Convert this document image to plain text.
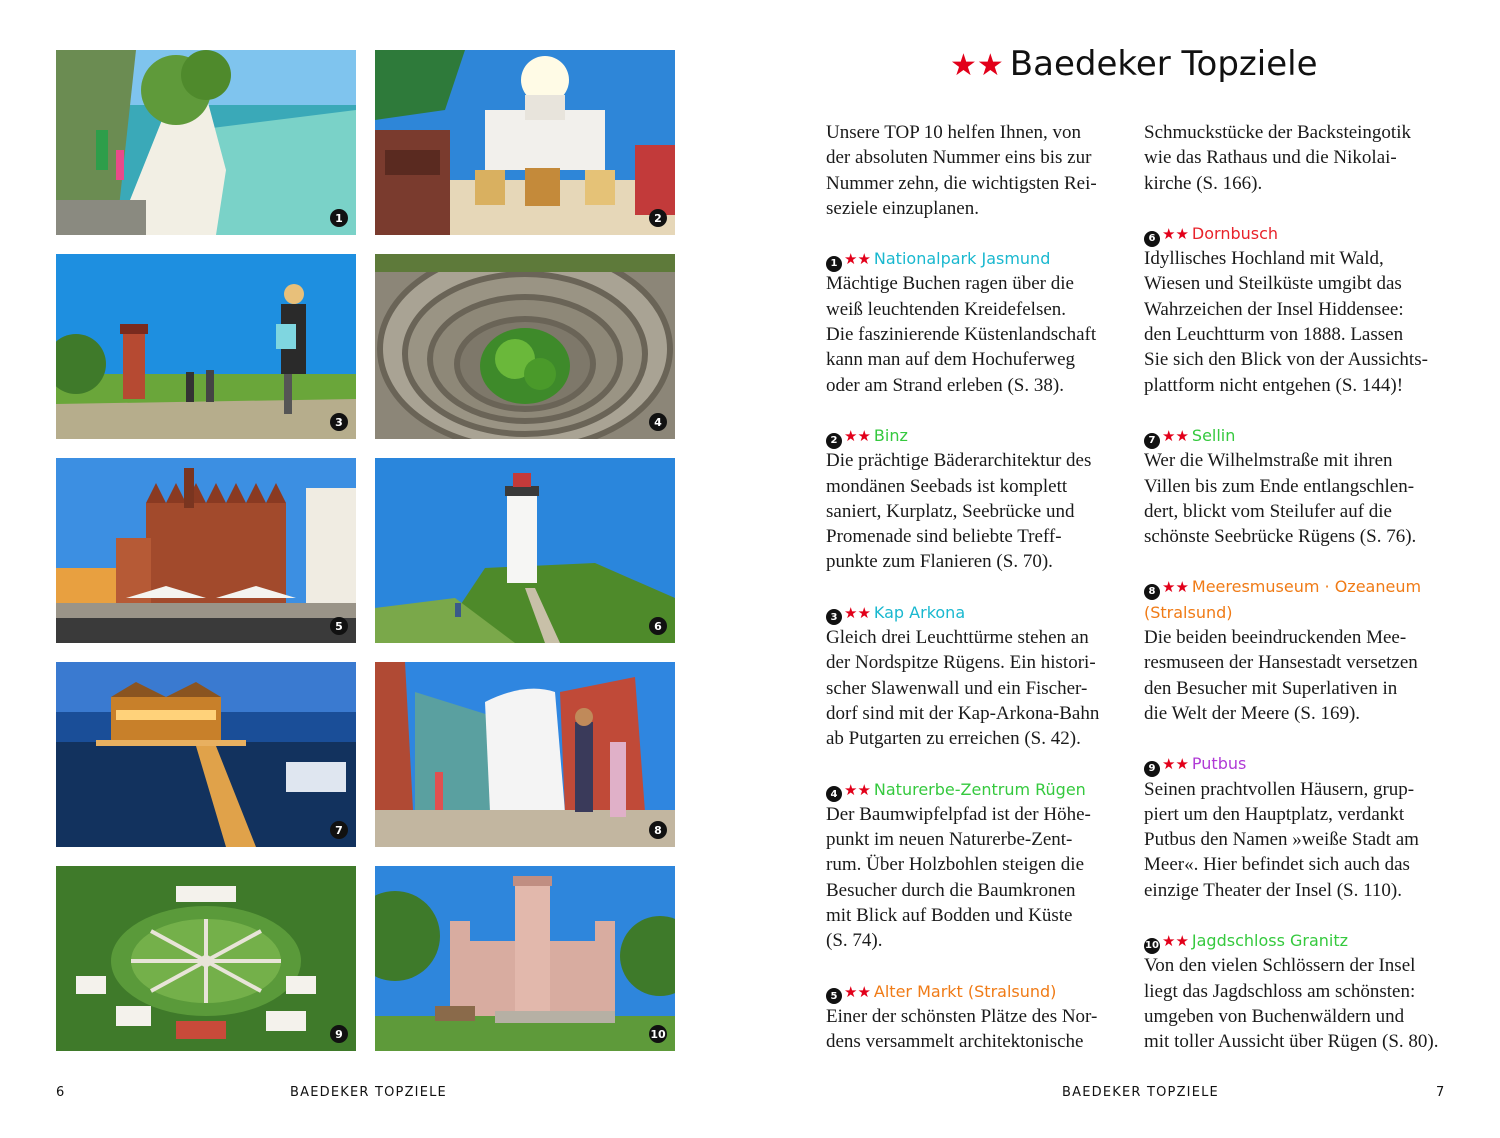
1	2
3	4
5	6
7	8
9	10
★★ Baedeker Topziele

Unsere TOP 10 helfen Ihnen, von

der absoluten Nummer eins bis zur

Nummer zehn, die wichtigsten Rei-

seziele einzuplanen.

1 ★★ Nationalpark Jasmund

Mächtige Buchen ragen über die

weiß leuchtenden Kreidefelsen.

Die faszinierende Küstenlandschaft

kann man auf dem Hochuferweg

oder am Strand erleben (S. 38).

2 ★★ Binz

Die prächtige Bäderarchitektur des

mondänen Seebads ist komplett

saniert, Kurplatz, Seebrücke und

Promenade sind beliebte Treff-

punkte zum Flanieren (S. 70).

3 ★★ Kap Arkona

Gleich drei Leuchttürme stehen an

der Nordspitze Rügens. Ein histori-

scher Slawenwall und ein Fischer-

dorf sind mit der Kap-Arkona-Bahn

ab Putgarten zu erreichen (S. 42).

4 ★★ Naturerbe-Zentrum Rügen

Der Baumwipfelpfad ist der Höhe-

punkt im neuen Naturerbe-Zent-

rum. Über Holzbohlen steigen die

Besucher durch die Baumkronen

mit Blick auf Bodden und Küste

(S. 74).

5 ★★ Alter Markt (Stralsund)

Einer der schönsten Plätze des Nor-

dens versammelt architektonische

Schmuckstücke der Backsteingotik

wie das Rathaus und die Nikolai-

kirche (S. 166).

6 ★★ Dornbusch

Idyllisches Hochland mit Wald,

Wiesen und Steilküste umgibt das

Wahrzeichen der Insel Hiddensee:

den Leuchtturm von 1888. Lassen

Sie sich den Blick von der Aussichts-

plattform nicht entgehen (S. 144)!

7 ★★ Sellin

Wer die Wilhelmstraße mit ihren

Villen bis zum Ende entlangschlen-

dert, blickt vom Steilufer auf die

schönste Seebrücke Rügens (S. 76).

8 ★★ Meeresmuseum · Ozeaneum
(Stralsund)

Die beiden beeindruckenden Mee-

resmuseen der Hansestadt versetzen

den Besucher mit Superlativen in

die Welt der Meere (S. 169).

9 ★★ Putbus

Seinen prachtvollen Häusern, grup-

piert um den Hauptplatz, verdankt

Putbus den Namen »weiße Stadt am

Meer«. Hier befindet sich auch das

einzige Theater der Insel (S. 110).

10 ★★ Jagdschloss Granitz

Von den vielen Schlössern der Insel

liegt das Jagdschloss am schönsten:

umgeben von Buchenwäldern und

mit toller Aussicht über Rügen (S. 80).

6	BAEDEKER TOPZIELE	BAEDEKER TOPZIELE	7
